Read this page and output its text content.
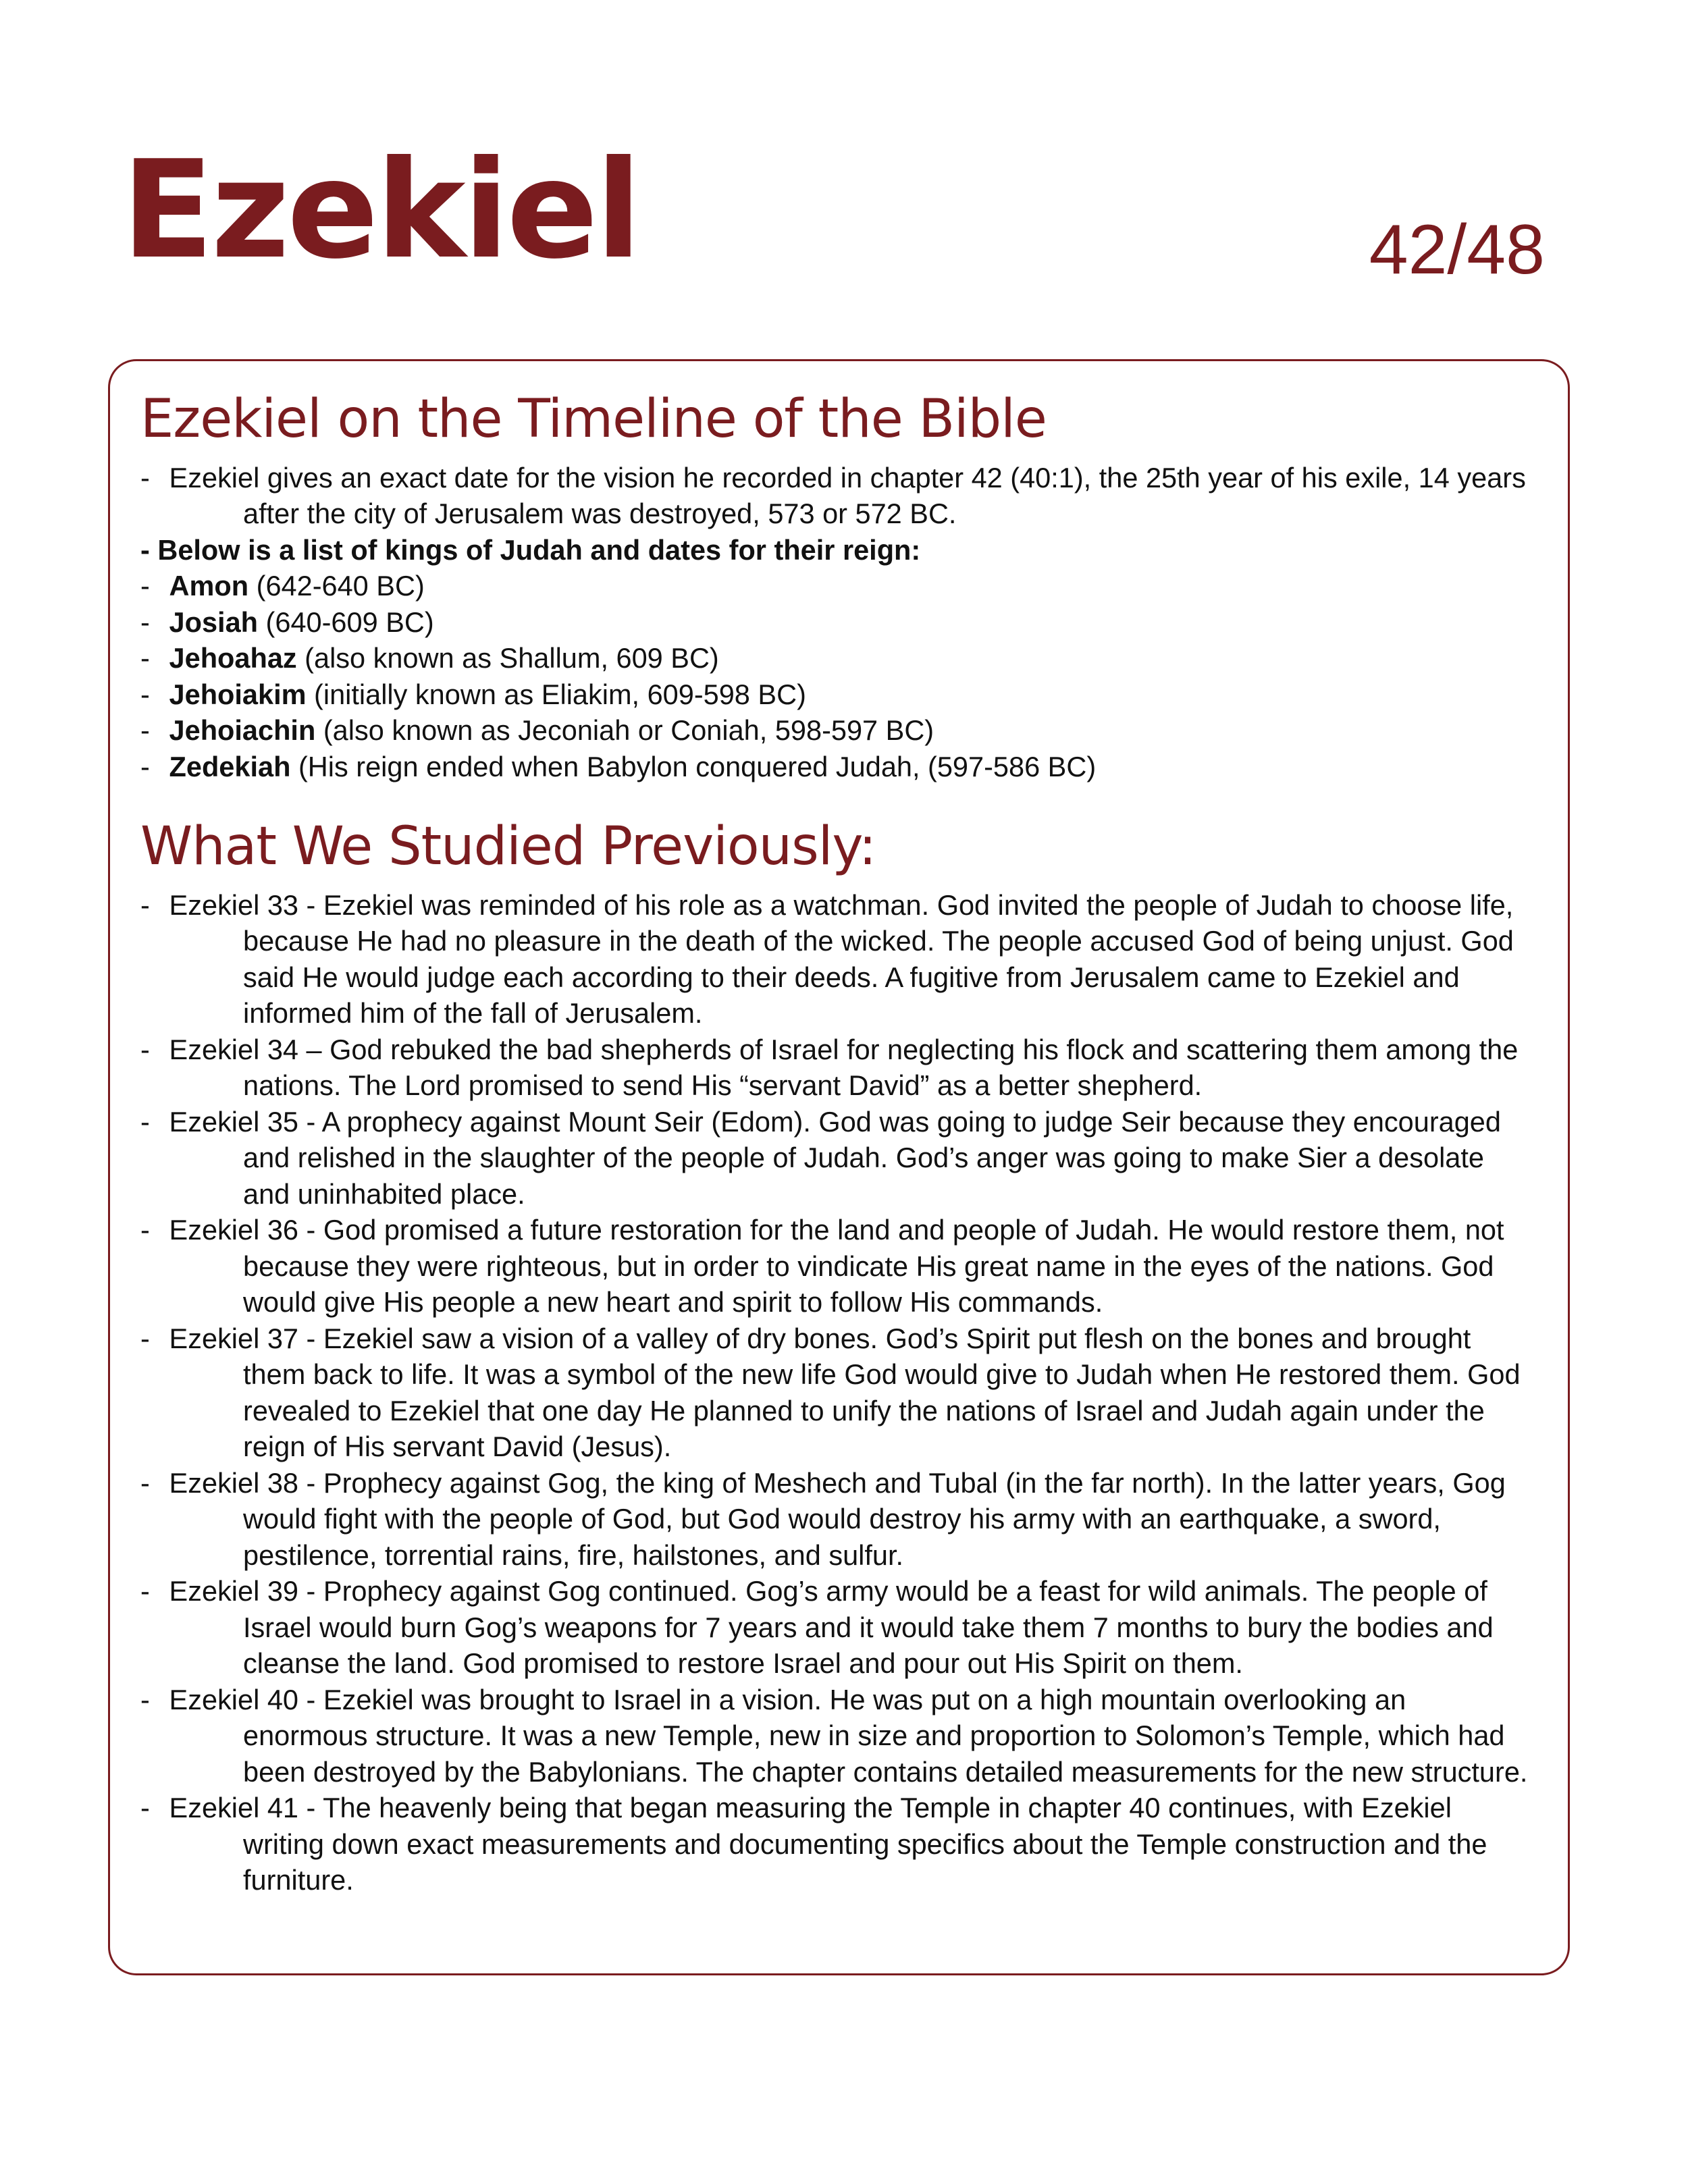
Ezekiel	42/48
Ezekiel on the Timeline of the Bible

- Ezekiel gives an exact date for the vision he recorded in chapter 42 (40:1), the 25th year of his exile, 14 years after the city of Jerusalem was destroyed, 573 or 572 BC.

- Below is a list of kings of Judah and dates for their reign:

- Amon (642-640 BC)

- Josiah (640-609 BC)

- Jehoahaz (also known as Shallum, 609 BC)

- Jehoiakim (initially known as Eliakim, 609-598 BC)

- Jehoiachin (also known as Jeconiah or Coniah, 598-597 BC)

- Zedekiah (His reign ended when Babylon conquered Judah, (597-586 BC)

What We Studied Previously:

- Ezekiel 33 - Ezekiel was reminded of his role as a watchman. God invited the people of Judah to choose life, because He had no pleasure in the death of the wicked. The people accused God of being unjust. God said He would judge each according to their deeds. A fugitive from Jerusalem came to Ezekiel and informed him of the fall of Jerusalem.

- Ezekiel 34 – God rebuked the bad shepherds of Israel for neglecting his flock and scattering them among the nations. The Lord promised to send His “servant David” as a better shepherd.

- Ezekiel 35 - A prophecy against Mount Seir (Edom). God was going to judge Seir because they encouraged and relished in the slaughter of the people of Judah. God’s anger was going to make Sier a desolate and uninhabited place.

- Ezekiel 36 - God promised a future restoration for the land and people of Judah. He would restore them, not because they were righteous, but in order to vindicate His great name in the eyes of the nations. God would give His people a new heart and spirit to follow His commands.

- Ezekiel 37 - Ezekiel saw a vision of a valley of dry bones. God’s Spirit put flesh on the bones and brought them back to life. It was a symbol of the new life God would give to Judah when He restored them. God revealed to Ezekiel that one day He planned to unify the nations of Israel and Judah again under the reign of His servant David (Jesus).

- Ezekiel 38 - Prophecy against Gog, the king of Meshech and Tubal (in the far north). In the latter years, Gog would fight with the people of God, but God would destroy his army with an earthquake, a sword, pestilence, torrential rains, fire, hailstones, and sulfur.

- Ezekiel 39 - Prophecy against Gog continued. Gog’s army would be a feast for wild animals. The people of Israel would burn Gog’s weapons for 7 years and it would take them 7 months to bury the bodies and cleanse the land. God promised to restore Israel and pour out His Spirit on them.

- Ezekiel 40 - Ezekiel was brought to Israel in a vision. He was put on a high mountain overlooking an enormous structure. It was a new Temple, new in size and proportion to Solomon’s Temple, which had been destroyed by the Babylonians. The chapter contains detailed measurements for the new structure.

- Ezekiel 41 - The heavenly being that began measuring the Temple in chapter 40 continues, with Ezekiel writing down exact measurements and documenting specifics about the Temple construction and the furniture.
